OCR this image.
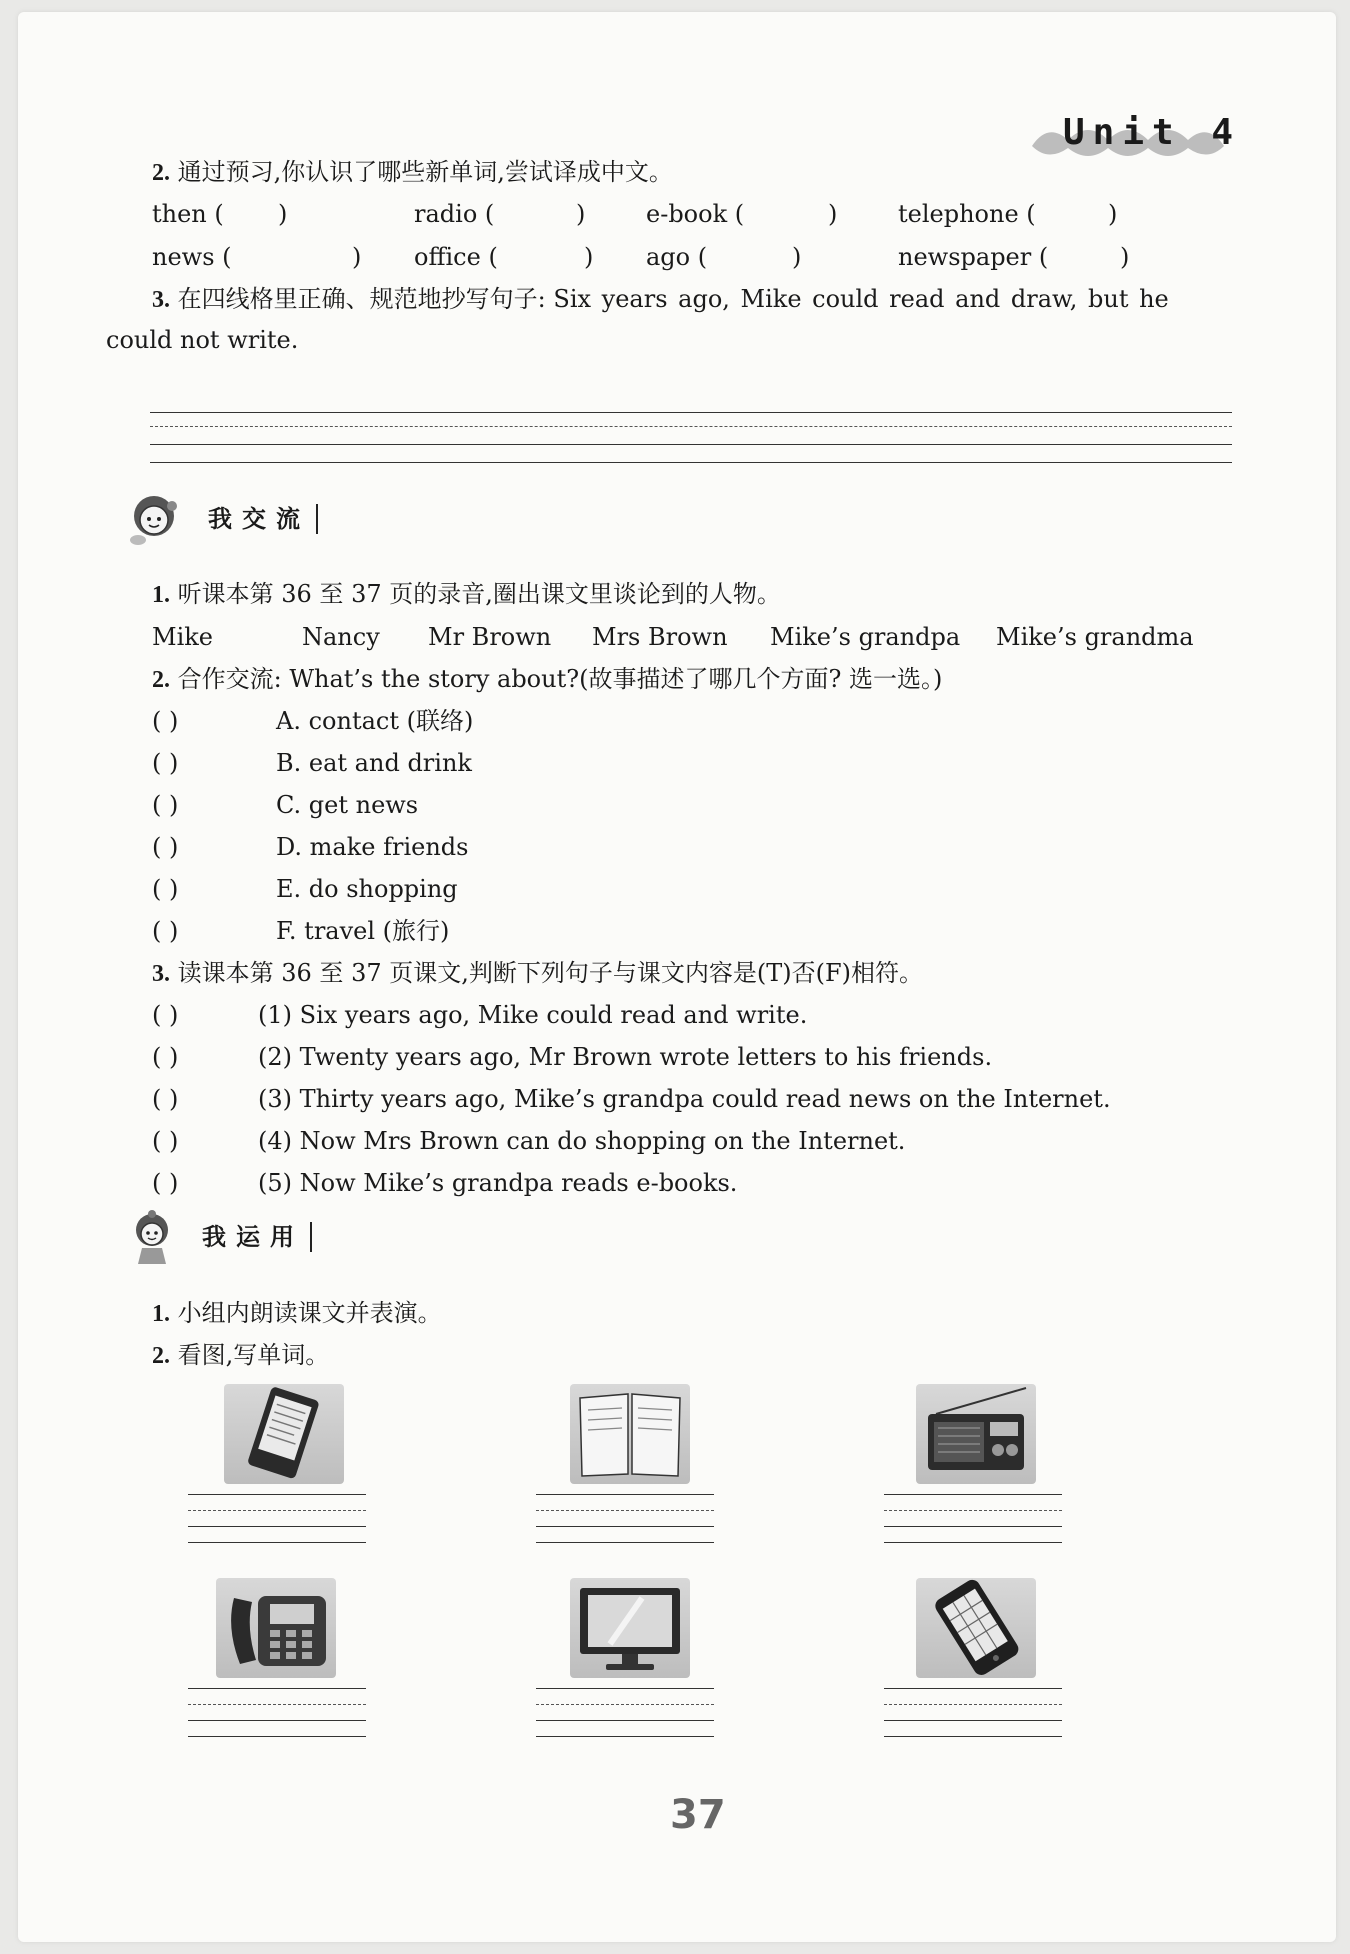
Unit 4
2. 通过预习,你认识了哪些新单词,尝试译成中文。
then ( )	radio (	)	e-book (	)	telephone (	)
news (	) office (	) ago (	)	newspaper (	)
3. 在四线格里正确、规范地抄写句子: Six years ago, Mike could read and draw, but he
could not write.
我交流
1. 听课本第 36 至 37 页的录音,圈出课文里谈论到的人物。
Mike	Nancy Mr Brown Mrs Brown Mike’s grandpa Mike’s grandma
2. 合作交流: What’s the story about?(故事描述了哪几个方面? 选一选。)
( )	A. contact (联络)
( )	B. eat and drink
( )	C. get news
( )	D. make friends
( )	E. do shopping
( )	F. travel (旅行)
3. 读课本第 36 至 37 页课文,判断下列句子与课文内容是(T)否(F)相符。
( )	(1) Six years ago, Mike could read and write.
( )	(2) Twenty years ago, Mr Brown wrote letters to his friends.
( )	(3) Thirty years ago, Mike’s grandpa could read news on the Internet.
( )	(4) Now Mrs Brown can do shopping on the Internet.
( )	(5) Now Mike’s grandpa reads e-books.
我运用
1. 小组内朗读课文并表演。
2. 看图,写单词。
37
